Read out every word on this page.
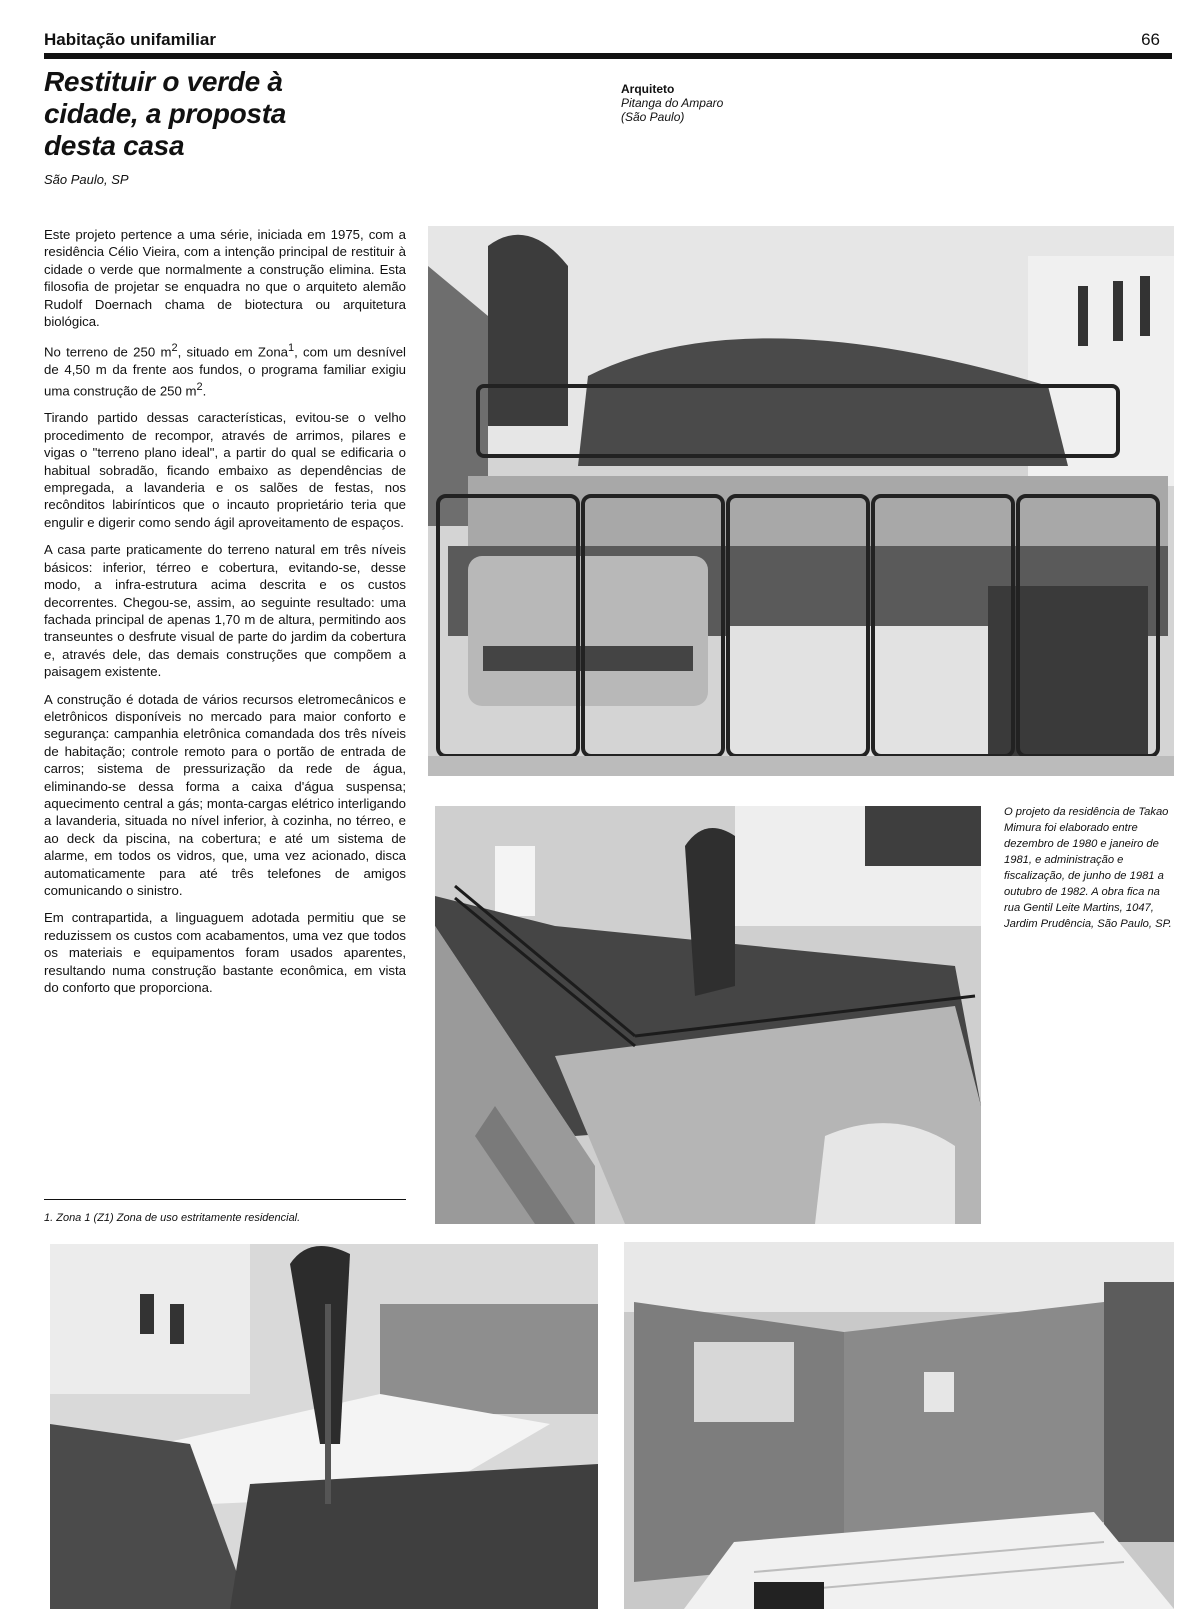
Habitação unifamiliar	66
Restituir o verde à cidade, a proposta desta casa
São Paulo, SP
Arquiteto
Pitanga do Amparo
(São Paulo)

Este projeto pertence a uma série, iniciada em 1975, com a residência Célio Vieira, com a intenção principal de restituir à cidade o verde que normalmente a construção elimina. Esta filosofia de projetar se enquadra no que o arquiteto alemão Rudolf Doernach chama de biotectura ou arquitetura biológica.

No terreno de 250 $m^2$, situado em Zona$^1$, com um desnível de 4,50 m da frente aos fundos, o programa familiar exigiu uma construção de 250 $m^2$.

Tirando partido dessas características, evitou-se o velho procedimento de recompor, através de arrimos, pilares e vigas o "terreno plano ideal", a partir do qual se edificaria o habitual sobradão, ficando embaixo as dependências de empregada, a lavanderia e os salões de festas, nos recônditos labirínticos que o incauto proprietário teria que engulir e digerir como sendo ágil aproveitamento de espaços.

A casa parte praticamente do terreno natural em três níveis básicos: inferior, térreo e cobertura, evitando-se, desse modo, a infra-estrutura acima descrita e os custos decorrentes. Chegou-se, assim, ao seguinte resultado: uma fachada principal de apenas 1,70 m de altura, permitindo aos transeuntes o desfrute visual de parte do jardim da cobertura e, através dele, das demais construções que compõem a paisagem existente.

A construção é dotada de vários recursos eletromecânicos e eletrônicos disponíveis no mercado para maior conforto e segurança: campanhia eletrônica comandada dos três níveis de habitação; controle remoto para o portão de entrada de carros; sistema de pressurização da rede de água, eliminando-se dessa forma a caixa d'água suspensa; aquecimento central a gás; monta-cargas elétrico interligando a lavanderia, situada no nível inferior, à cozinha, no térreo, e ao deck da piscina, na cobertura; e até um sistema de alarme, em todos os vidros, que, uma vez acionado, disca automaticamente para até três telefones de amigos comunicando o sinistro.

Em contrapartida, a linguaguem adotada permitiu que se reduzissem os custos com acabamentos, uma vez que todos os materiais e equipamentos foram usados aparentes, resultando numa construção bastante econômica, em vista do conforto que proporciona.

1. Zona 1 (Z1) Zona de uso estritamente residencial.
O projeto da residência de Takao Mimura foi elaborado entre dezembro de 1980 e janeiro de 1981, e administração e fiscalização, de junho de 1981 a outubro de 1982. A obra fica na rua Gentil Leite Martins, 1047, Jardim Prudência, São Paulo, SP.
